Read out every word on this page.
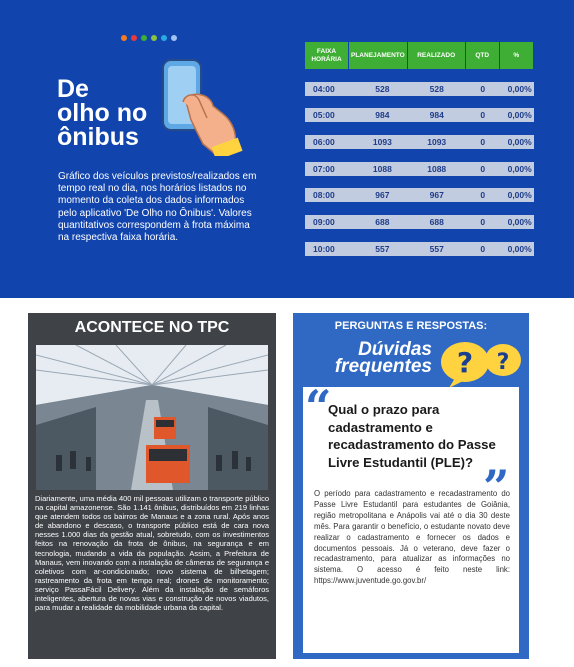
De
olho no
ônibus

Gráfico dos veículos previstos/realizados em tempo real no dia, nos horários listados no momento da coleta dos dados informados pelo aplicativo 'De Olho no Ônibus'. Valores quantitativos correspondem à frota máxima na respectiva faixa horária.

FAIXA HORÁRIA	PLANEJAMENTO	REALIZADO	QTD	%

04:00	528	528	0	0,00%

05:00	984	984	0	0,00%

06:00	1093	1093	0	0,00%

07:00	1088	1088	0	0,00%

08:00	967	967	0	0,00%

09:00	688	688	0	0,00%

10:00	557	557	0	0,00%
ACONTECE NO TPC

Diariamente, uma média 400 mil pessoas utilizam o transporte público na capital amazonense. São 1.141 ônibus, distribuídos em 219 linhas que atendem todos os bairros de Manaus e a zona rural. Após anos de abandono e descaso, o transporte público está de cara nova nesses 1.000 dias da gestão atual, sobretudo, com os investimentos feitos na renovação da frota de ônibus, na segurança e em tecnologia, mudando a vida da população. Assim, a Prefeitura de Manaus, vem inovando com a instalação de câmeras de segurança e coletivos com ar-condicionado; novo sistema de bilhetagem; rastreamento da frota em tempo real; drones de monitoramento; serviço PassaFácil Delivery. Além da instalação de semáforos inteligentes, abertura de novas vias e construção de novos viadutos, para mudar a realidade da mobilidade urbana da capital.

PERGUNTAS E RESPOSTAS:
Dúvidas
frequentes ? ?
“
Qual o prazo para cadastramento e recadastramento do Passe Livre Estudantil (PLE)? ”

O período para cadastramento e recadastramento do Passe Livre Estudantil para estudantes de Goiânia, região metropolitana e Anápolis vai até o dia 30 deste mês. Para garantir o benefício, o estudante novato deve realizar o cadastramento e fornecer os dados e documentos pessoais. Já o veterano, deve fazer o recadastramento, para atualizar as informações no sistema. O acesso é feito neste link: https://www.juventude.go.gov.br/
